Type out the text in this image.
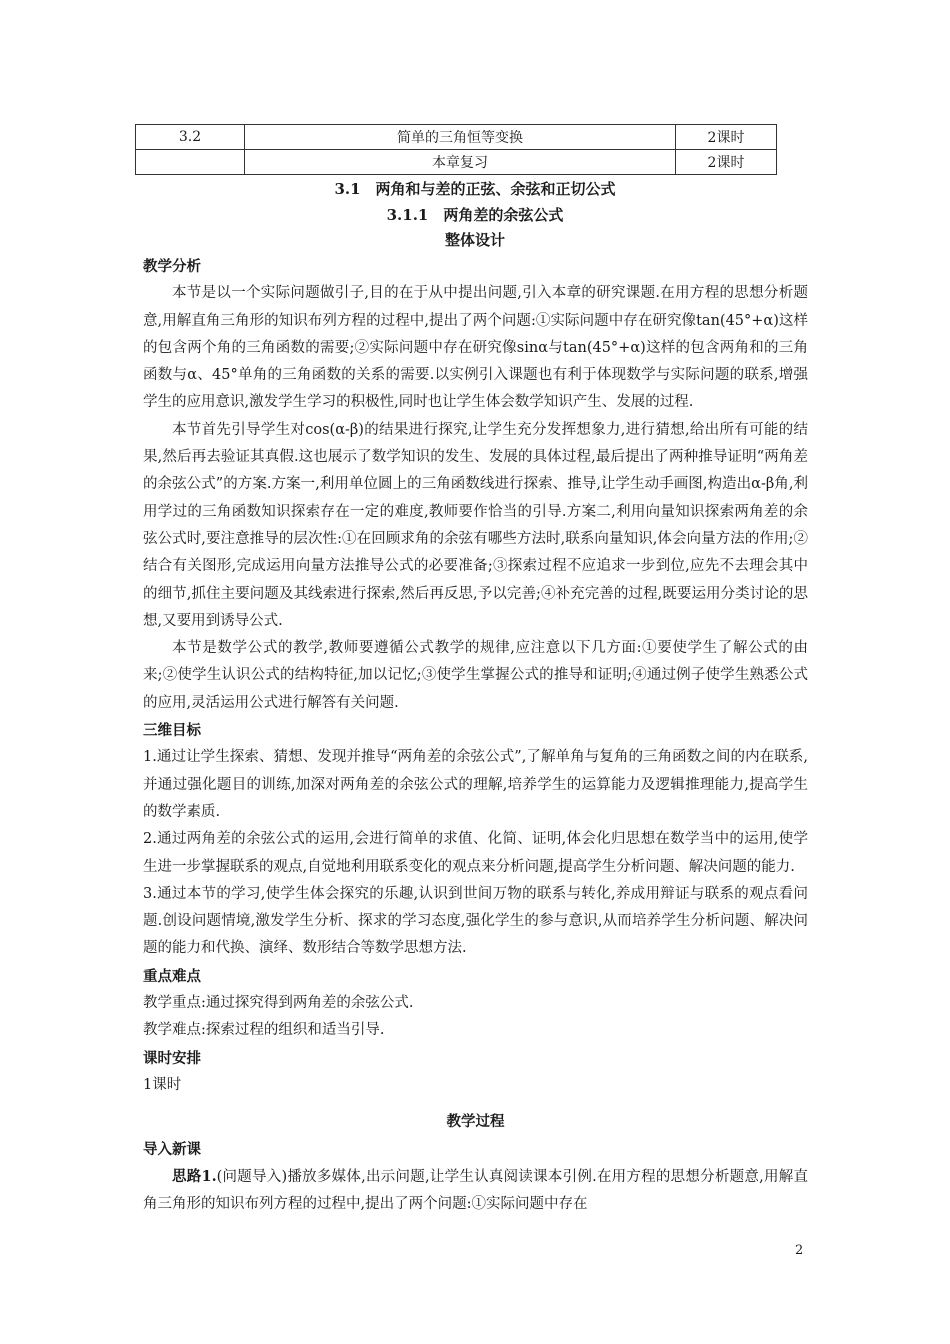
3.2	简单的三角恒等变换	2课时
	本章复习	2课时
3.1　两角和与差的正弦、余弦和正切公式
3.1.1　两角差的余弦公式
整体设计

教学分析

本节是以一个实际问题做引子,目的在于从中提出问题,引入本章的研究课题.在用方程的思想分析题意,用解直角三角形的知识布列方程的过程中,提出了两个问题:①实际问题中存在研究像tan(45°+α)这样的包含两个角的三角函数的需要;②实际问题中存在研究像sinα与tan(45°+α)这样的包含两角和的三角函数与α、45°单角的三角函数的关系的需要.以实例引入课题也有利于体现数学与实际问题的联系,增强学生的应用意识,激发学生学习的积极性,同时也让学生体会数学知识产生、发展的过程.

本节首先引导学生对cos(α-β)的结果进行探究,让学生充分发挥想象力,进行猜想,给出所有可能的结果,然后再去验证其真假.这也展示了数学知识的发生、发展的具体过程,最后提出了两种推导证明“两角差的余弦公式”的方案.方案一,利用单位圆上的三角函数线进行探索、推导,让学生动手画图,构造出α-β角,利用学过的三角函数知识探索存在一定的难度,教师要作恰当的引导.方案二,利用向量知识探索两角差的余弦公式时,要注意推导的层次性:①在回顾求角的余弦有哪些方法时,联系向量知识,体会向量方法的作用;②结合有关图形,完成运用向量方法推导公式的必要准备;③探索过程不应追求一步到位,应先不去理会其中的细节,抓住主要问题及其线索进行探索,然后再反思,予以完善;④补充完善的过程,既要运用分类讨论的思想,又要用到诱导公式.

本节是数学公式的教学,教师要遵循公式教学的规律,应注意以下几方面:①要使学生了解公式的由来;②使学生认识公式的结构特征,加以记忆;③使学生掌握公式的推导和证明;④通过例子使学生熟悉公式的应用,灵活运用公式进行解答有关问题.

三维目标

1.通过让学生探索、猜想、发现并推导“两角差的余弦公式”,了解单角与复角的三角函数之间的内在联系,并通过强化题目的训练,加深对两角差的余弦公式的理解,培养学生的运算能力及逻辑推理能力,提高学生的数学素质.

2.通过两角差的余弦公式的运用,会进行简单的求值、化简、证明,体会化归思想在数学当中的运用,使学生进一步掌握联系的观点,自觉地利用联系变化的观点来分析问题,提高学生分析问题、解决问题的能力.

3.通过本节的学习,使学生体会探究的乐趣,认识到世间万物的联系与转化,养成用辩证与联系的观点看问题.创设问题情境,激发学生分析、探求的学习态度,强化学生的参与意识,从而培养学生分析问题、解决问题的能力和代换、演绎、数形结合等数学思想方法.

重点难点

教学重点:通过探究得到两角差的余弦公式.

教学难点:探索过程的组织和适当引导.

课时安排

1课时

教学过程

导入新课

思路1.(问题导入)播放多媒体,出示问题,让学生认真阅读课本引例.在用方程的思想分析题意,用解直角三角形的知识布列方程的过程中,提出了两个问题:①实际问题中存在

2
